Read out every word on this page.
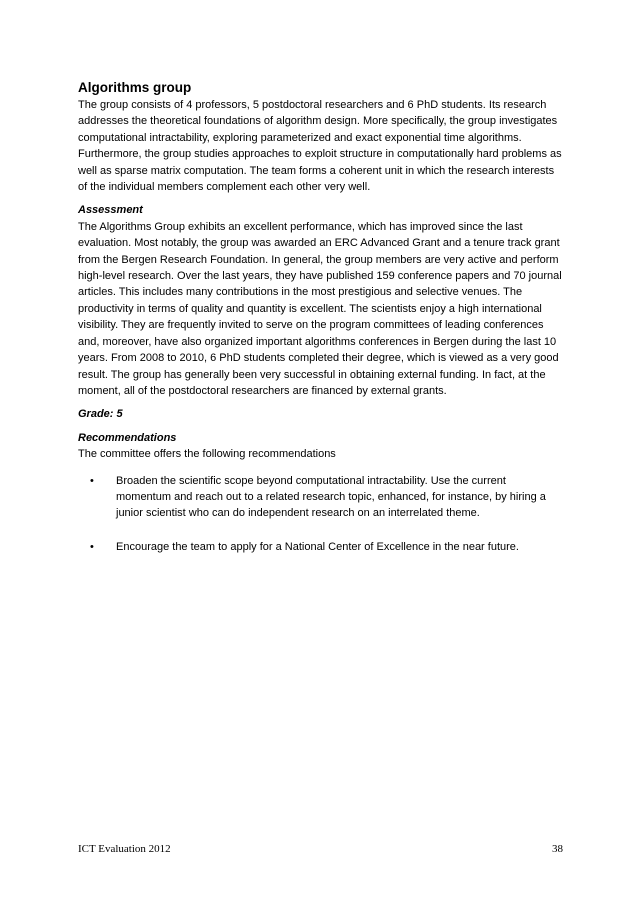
Algorithms group

The group consists of 4 professors, 5 postdoctoral researchers and 6 PhD students. Its research addresses the theoretical foundations of algorithm design. More specifically, the group investigates computational intractability, exploring parameterized and exact exponential time algorithms. Furthermore, the group studies approaches to exploit structure in computationally hard problems as well as sparse matrix computation. The team forms a coherent unit in which the research interests of the individual members complement each other very well.

Assessment

The Algorithms Group exhibits an excellent performance, which has improved since the last evaluation. Most notably, the group was awarded an ERC Advanced Grant and a tenure track grant from the Bergen Research Foundation. In general, the group members are very active and perform high-level research. Over the last years, they have published 159 conference papers and 70 journal articles. This includes many contributions in the most prestigious and selective venues. The productivity in terms of quality and quantity is excellent. The scientists enjoy a high international visibility. They are frequently invited to serve on the program committees of leading conferences and, moreover, have also organized important algorithms conferences in Bergen during the last 10 years. From 2008 to 2010, 6 PhD students completed their degree, which is viewed as a very good result. The group has generally been very successful in obtaining external funding. In fact, at the moment, all of the postdoctoral researchers are financed by external grants.

Grade: 5

Recommendations

The committee offers the following recommendations

• Broaden the scientific scope beyond computational intractability. Use the current momentum and reach out to a related research topic, enhanced, for instance, by hiring a junior scientist who can do independent research on an interrelated theme.
• Encourage the team to apply for a National Center of Excellence in the near future.
ICT Evaluation 2012	38
